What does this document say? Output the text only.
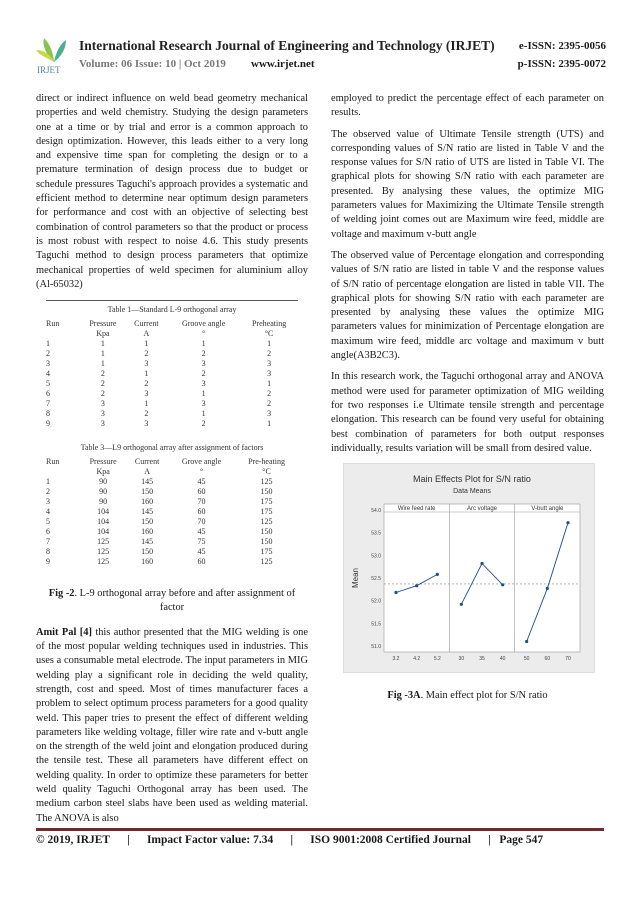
IRJET
International Research Journal of Engineering and Technology (IRJET) e-ISSN: 2395-0056
Volume: 06 Issue: 10 | Oct 2019 www.irjet.net	p-ISSN: 2395-0072

direct or indirect influence on weld bead geometry mechanical properties and weld chemistry. Studying the design parameters one at a time or by trial and error is a common approach to design optimization. However, this leads either to a very long and expensive time span for completing the design or to a premature termination of design process due to budget or schedule pressures Taguchi's approach provides a systematic and efficient method to determine near optimum design parameters for performance and cost with an objective of selecting best combination of control parameters so that the product or process is most robust with respect to noise 4.6. This study presents Taguchi method to design process parameters that optimize mechanical properties of weld specimen for aluminium alloy (Al-65032)

Table 1—Standard L-9 orthogonal array
Run	Pressure	Current	Groove angle	Preheating
	Kpa	A	°	°C
1	1	1	1	1
2	1	2	2	2
3	1	3	3	3
4	2	1	2	3
5	2	2	3	1
6	2	3	1	2
7	3	1	3	2
8	3	2	1	3
9	3	3	2	1
Table 3—L9 orthogonal array after assignment of factors
Run	Pressure	Current	Grove angle	Pre-heating
	Kpa	A	°	°C
1	90	145	45	125
2	90	150	60	150
3	90	160	70	175
4	104	145	60	175
5	104	150	70	125
6	104	160	45	150
7	125	145	75	150
8	125	150	45	175
9	125	160	60	125

Fig -2. L-9 orthogonal array before and after assignment of factor

Amit Pal [4] this author presented that the MIG welding is one of the most popular welding techniques used in industries. This uses a consumable metal electrode. The input parameters in MIG welding play a significant role in deciding the weld quality, strength, cost and speed. Most of times manufacturer faces a problem to select optimum process parameters for a good quality weld. This paper tries to present the effect of different welding parameters like welding voltage, filler wire rate and v-butt angle on the strength of the weld joint and elongation produced during the tensile test. These all parameters have different effect on welding quality. In order to optimize these parameters for better weld quality Taguchi Orthogonal array has been used. The medium carbon steel slabs have been used as welding material. The ANOVA is also

employed to predict the percentage effect of each parameter on results.

The observed value of Ultimate Tensile strength (UTS) and corresponding values of S/N ratio are listed in Table V and the response values for S/N ratio of UTS are listed in Table VI. The graphical plots for showing S/N ratio with each parameter are presented. By analysing these values, the optimize MIG parameters values for Maximizing the Ultimate Tensile strength of welding joint comes out are Maximum wire feed, middle are voltage and maximum v-butt angle

The observed value of Percentage elongation and corresponding values of S/N ratio are listed in table V and the response values of S/N ratio of percentage elongation are listed in table VII. The graphical plots for showing S/N ratio with each parameter are presented by analysing these values the optimize MIG parameters values for minimization of Percentage elongation are maximum wire feed, middle arc voltage and maximum v butt angle(A3B2C3).

In this research work, the Taguchi orthogonal array and ANOVA method were used for parameter optimization of MIG weilding for two responses i.e Ultimate tensile strength and percentage elongation. This research can be found very useful for obtaining best combination of parameters for both output responses individually, results variation will be small from desired value.

Main Effects Plot for S/N ratio
Data Means
54.0
53.5
53.0
52.5
52.0
51.5
51.0
Mean
Wire feed rate
3.2	4.2	5.2
Arc voltage
30	35	40
V-butt angle
50	60	70

Fig -3A. Main effect plot for S/N ratio

© 2019, IRJET | Impact Factor value: 7.34 | ISO 9001:2008 Certified Journal | Page 547
